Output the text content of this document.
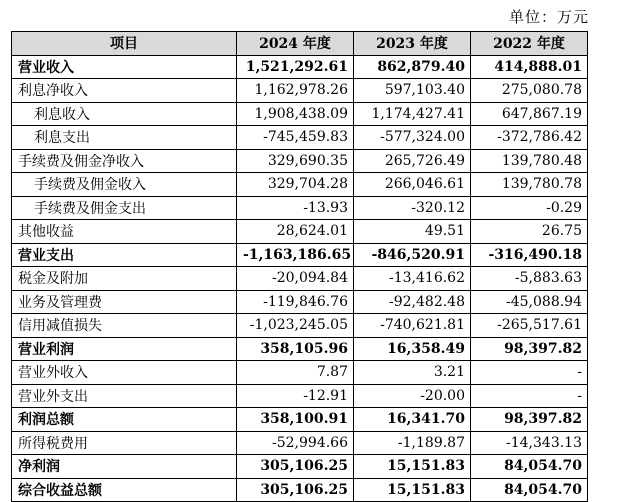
单位：万元
项目	2024 年度	2023 年度	2022 年度
营业收入	1,521,292.61	862,879.40	414,888.01
利息净收入	1,162,978.26	597,103.40	275,080.78
利息收入	1,908,438.09	1,174,427.41	647,867.19
利息支出	-745,459.83	-577,324.00	-372,786.42
手续费及佣金净收入	329,690.35	265,726.49	139,780.48
手续费及佣金收入	329,704.28	266,046.61	139,780.78
手续费及佣金支出	-13.93	-320.12	-0.29
其他收益	28,624.01	49.51	26.75
营业支出	-1,163,186.65	-846,520.91	-316,490.18
税金及附加	-20,094.84	-13,416.62	-5,883.63
业务及管理费	-119,846.76	-92,482.48	-45,088.94
信用减值损失	-1,023,245.05	-740,621.81	-265,517.61
营业利润	358,105.96	16,358.49	98,397.82
营业外收入	7.87	3.21	-
营业外支出	-12.91	-20.00	-
利润总额	358,100.91	16,341.70	98,397.82
所得税费用	-52,994.66	-1,189.87	-14,343.13
净利润	305,106.25	15,151.83	84,054.70
综合收益总额	305,106.25	15,151.83	84,054.70
